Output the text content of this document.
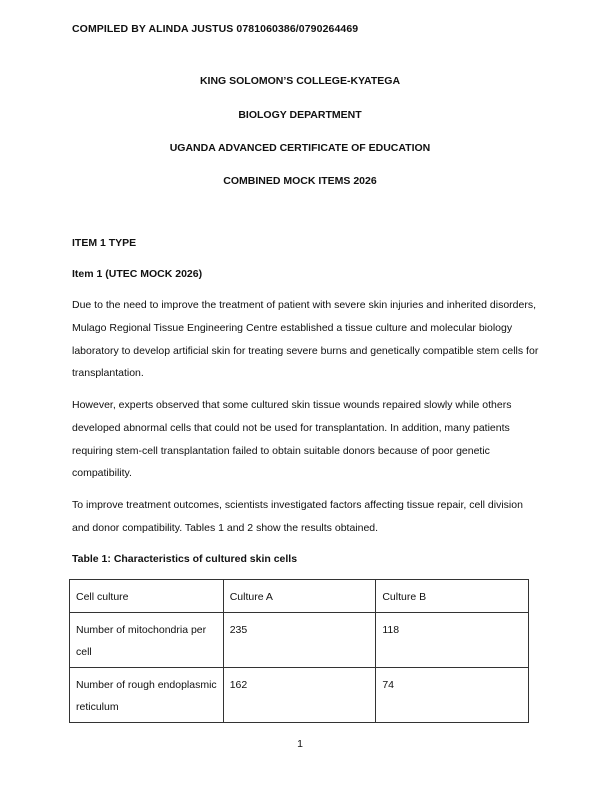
COMPILED BY ALINDA JUSTUS 0781060386/0790264469
KING SOLOMON’S COLLEGE-KYATEGA
BIOLOGY DEPARTMENT
UGANDA ADVANCED CERTIFICATE OF EDUCATION
COMBINED MOCK ITEMS 2026
ITEM 1 TYPE
Item 1 (UTEC MOCK 2026)

Due to the need to improve the treatment of patient with severe skin injuries and inherited disorders, Mulago Regional Tissue Engineering Centre established a tissue culture and molecular biology laboratory to develop artificial skin for treating severe burns and genetically compatible stem cells for transplantation.

However, experts observed that some cultured skin tissue wounds repaired slowly while others developed abnormal cells that could not be used for transplantation. In addition, many patients requiring stem-cell transplantation failed to obtain suitable donors because of poor genetic compatibility.

To improve treatment outcomes, scientists investigated factors affecting tissue repair, cell division and donor compatibility. Tables 1 and 2 show the results obtained.

Table 1: Characteristics of cultured skin cells
Cell culture	Culture A	Culture B
Number of mitochondria per cell	235	118
Number of rough endoplasmic reticulum	162	74
1
